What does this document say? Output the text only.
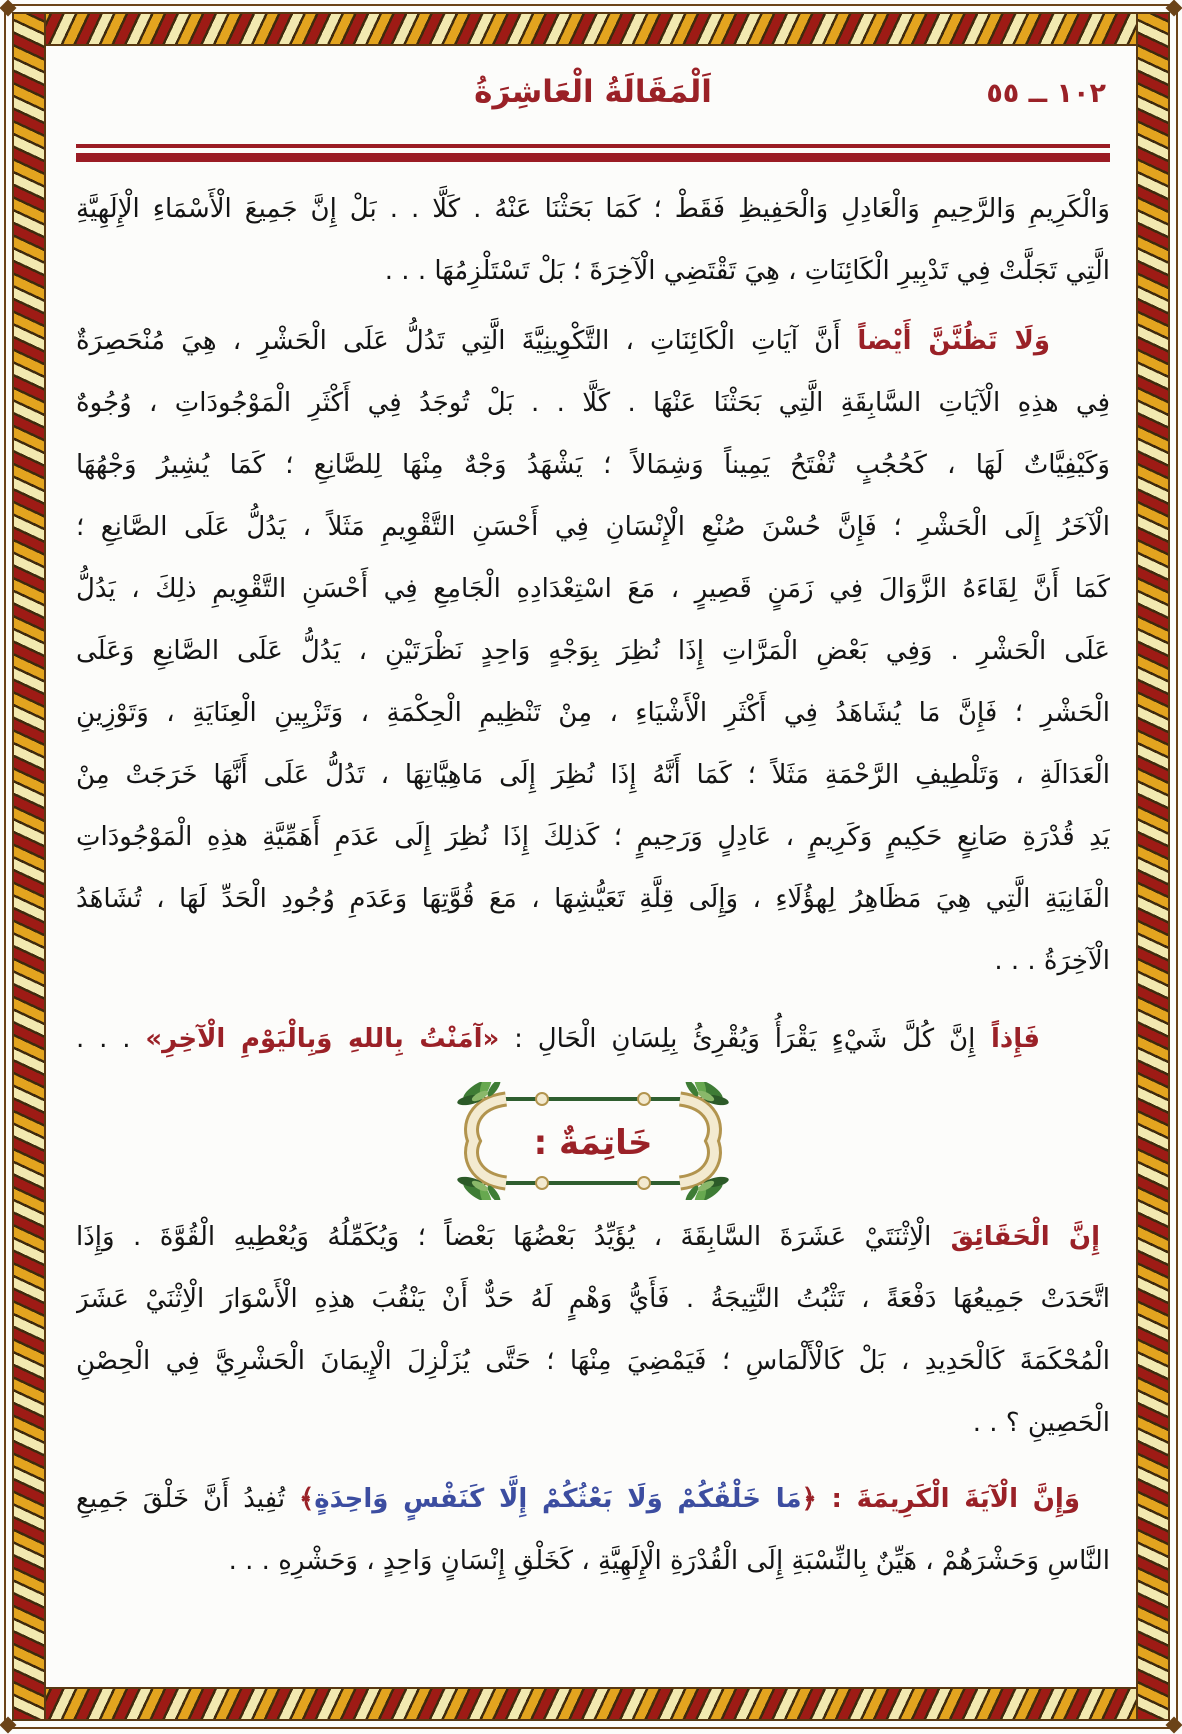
اَلْمَقَالَةُ الْعَاشِرَةُ	١٠٢ ــ ٥٥
وَالْكَرِيمِ وَالرَّحِيمِ وَالْعَادِلِ وَالْحَفِيظِ فَقَطْ ؛ كَمَا بَحَثْنَا عَنْهُ . كَلَّا . . بَلْ إِنَّ جَمِيعَ الْأَسْمَاءِ الْإِلَهِيَّةِ
الَّتِي تَجَلَّتْ فِي تَدْبِيرِ الْكَائِنَاتِ ، هِيَ تَقْتَضِي الْآخِرَةَ ؛ بَلْ تَسْتَلْزِمُهَا . . .
وَلَا تَظُنَّنَّ أَيْضاً أَنَّ آيَاتِ الْكَائِنَاتِ ، التَّكْوِينِيَّةَ الَّتِي تَدُلُّ عَلَى الْحَشْرِ ، هِيَ مُنْحَصِرَةٌ
فِي هذِهِ الْآيَاتِ السَّابِقَةِ الَّتِي بَحَثْنَا عَنْهَا . كَلَّا . . بَلْ تُوجَدُ فِي أَكْثَرِ الْمَوْجُودَاتِ ، وُجُوهٌ
وَكَيْفِيَّاتٌ لَهَا ، كَحُجُبٍ تُفْتَحُ يَمِيناً وَشِمَالاً ؛ يَشْهَدُ وَجْهٌ مِنْهَا لِلصَّانِعِ ؛ كَمَا يُشِيرُ وَجْهُهَا
الْآخَرُ إِلَى الْحَشْرِ ؛ فَإِنَّ حُسْنَ صُنْعِ الْإِنْسَانِ فِي أَحْسَنِ التَّقْوِيمِ مَثَلاً ، يَدُلُّ عَلَى الصَّانِعِ ؛
كَمَا أَنَّ لِقَاءَهُ الزَّوَالَ فِي زَمَنٍ قَصِيرٍ ، مَعَ اسْتِعْدَادِهِ الْجَامِعِ فِي أَحْسَنِ التَّقْوِيمِ ذلِكَ ، يَدُلُّ
عَلَى الْحَشْرِ . وَفِي بَعْضِ الْمَرَّاتِ إِذَا نُظِرَ بِوَجْهٍ وَاحِدٍ نَظْرَتَيْنِ ، يَدُلُّ عَلَى الصَّانِعِ وَعَلَى
الْحَشْرِ ؛ فَإِنَّ مَا يُشَاهَدُ فِي أَكْثَرِ الْأَشْيَاءِ ، مِنْ تَنْظِيمِ الْحِكْمَةِ ، وَتَزْيِينِ الْعِنَايَةِ ، وَتَوْزِينِ
الْعَدَالَةِ ، وَتَلْطِيفِ الرَّحْمَةِ مَثَلاً ؛ كَمَا أَنَّهُ إِذَا نُظِرَ إِلَى مَاهِيَّاتِهَا ، تَدُلُّ عَلَى أَنَّهَا خَرَجَتْ مِنْ
يَدِ قُدْرَةِ صَانِعٍ حَكِيمٍ وَكَرِيمٍ ، عَادِلٍ وَرَحِيمٍ ؛ كَذلِكَ إِذَا نُظِرَ إِلَى عَدَمِ أَهَمِّيَّةِ هذِهِ الْمَوْجُودَاتِ
الْفَانِيَةِ الَّتِي هِيَ مَظَاهِرُ لِهؤُلَاءِ ، وَإِلَى قِلَّةِ تَعَيُّشِهَا ، مَعَ قُوَّتِهَا وَعَدَمِ وُجُودِ الْحَدِّ لَهَا ، تُشَاهَدُ
الْآخِرَةُ . . .
فَإِذاً إِنَّ كُلَّ شَيْءٍ يَقْرَأُ وَيُقْرِئُ بِلِسَانِ الْحَالِ : «آمَنْتُ بِاللهِ وَبِالْيَوْمِ الْآخِرِ» . . .
خَاتِمَةٌ :
إِنَّ الْحَقَائِقَ الْاِثْنَتَيْ عَشَرَةَ السَّابِقَةَ ، يُؤَيِّدُ بَعْضُهَا بَعْضاً ؛ وَيُكَمِّلُهُ وَيُعْطِيهِ الْقُوَّةَ . وَإِذَا
اتَّحَدَتْ جَمِيعُهَا دَفْعَةً ، تَثْبُتُ النَّتِيجَةُ . فَأَيُّ وَهْمٍ لَهُ حَدٌّ أَنْ يَنْقُبَ هذِهِ الْأَسْوَارَ الْاِثْنَيْ عَشَرَ
الْمُحْكَمَةَ كَالْحَدِيدِ ، بَلْ كَالْأَلْمَاسِ ؛ فَيَمْضِيَ مِنْهَا ؛ حَتَّى يُزَلْزِلَ الْإِيمَانَ الْحَشْرِيَّ فِي الْحِصْنِ
الْحَصِينِ ؟ . .
وَإِنَّ الْآيَةَ الْكَرِيمَةَ : ﴿مَا خَلْقُكُمْ وَلَا بَعْثُكُمْ إِلَّا كَنَفْسٍ وَاحِدَةٍ﴾ تُفِيدُ أَنَّ خَلْقَ جَمِيعِ
النَّاسِ وَحَشْرَهُمْ ، هَيِّنٌ بِالنِّسْبَةِ إِلَى الْقُدْرَةِ الْإِلَهِيَّةِ ، كَخَلْقِ إِنْسَانٍ وَاحِدٍ ، وَحَشْرِهِ . . .
